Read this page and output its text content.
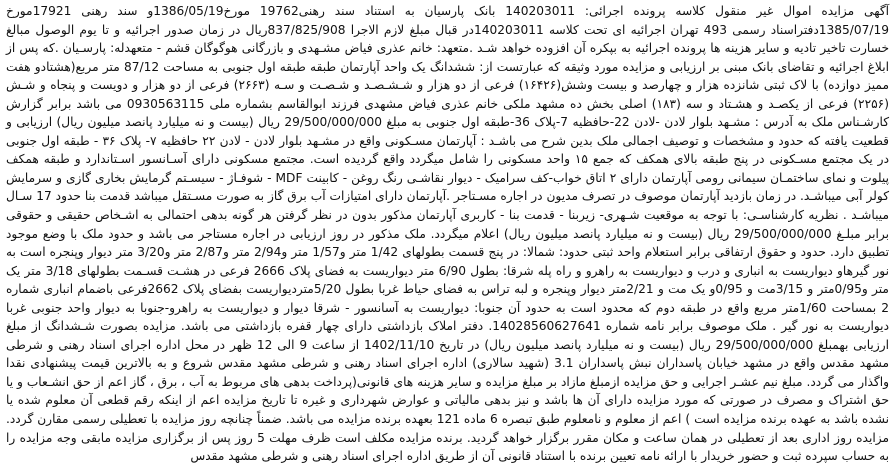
آگهی مزایده اموال غیر منقول کلاسه پرونده اجرائی: 140203011 بانک پارسیان به استناد سند رهنی19762 مورخ1386/05/19و سند رهنی 17921مورخ 1385/07/19دفتراسناد رسمی 493 تهران اجرائیه ای تحت کلاسه 140203011در قبال مبلغ لازم الاجرا 837/825/908ریال در زمان صدور اجرائیه و تا یوم الوصول مبالغ خسارت تاخیر تادیه و سایر هزینه ها پرونده اجرائیه به بپکره آن افزوده خواهد شـد .متعهد: خانم عذری فیاض مشـهدی و بازرگانی هوگوگان قشم - متعهدله: پارسـیان .که پس از ابلاغ اجرائیه و تقاضای بانک مبنی بر ارزیابی و مزایده مورد وثیقه که عبارتست از: ششدانگ یک واحد آپارتمان طبقه طبقه اول جنوبی به مساحت 87/12 متر مربع(هشتادو هفت ممیز دوازده) با لاک ثبتی شانزده هزار و چهارصد و بیست وشش(۱۶۴۲۶) فرعی از دو هزار و شـشـصـد و شـصـت و سـه (۲۶۶۳) فرعی از دو هزار و دویست و پنجاه و شـش (۲۲۵۶) فرعی از یکصـد و هشـتاد و سه (۱۸۳) اصلی بخش ده مشهد ملکی خانم عذری فیاض مشهدی فرزند ابوالقاسم بشماره ملی 0930563115 می باشد برابر گزارش کارشـناس ملک به آدرس : مشـهد بلوار لادن -لادن 22-حافظیه 7-پلاک 36-طبقه اول جنوبی به مبلغ 29/500/000/000 ریال (بیست و نه میلیارد پانصد میلیون ریال) ارزیابی و قطعیت یافته که حدود و مشخصات و توصیف اجمالی ملک بدین شرح می باشـد : آپارتمان مسـکونی واقع در مشـهد بلوار لادن - لادن ۲۲ حافظیه ۷- پلاک ۳۶ - طبقه اول جنوبی در یک مجتمع مسـکونی در پنج طبقه بالای همکف که جمع ۱۵ واحد مسکونی را شامل میگردد واقع گردیده است. مجتمع مسکونی دارای آسـانسور اسـتاندارد و طبقه همکف پیلوت و نمای ساختمـان سیمانی رومی آپارتمان دارای ۲ اتاق خواب-کف سرامیک - دیوار نقاشـی رنگ روغن - کابینت MDF - شوفـاژ - سیسـتم گرمایش بخاری گازی و سرمایش کولر آبی میباشـد. در زمان بازدید آپارتمان موصوف در تصرف مدیون در اجاره مسـتاجر .آپارتمان دارای امتیازات آب برق گاز به صورت مسـتقل میباشد قدمت بنا حدود 17 سـال میباشـد . نظریه کارشناسـی: با توجه به موقعیت شـهری- زیربنا - قدمت بنا - کاربری آپارتمان مذکور بدون در نظر گرفتن هر گونه بدهی احتمالی به اشـخاص حقیقی و حقوقی برابر مبلـغ 29/500/000/000 ریال (بیست و نه میلیارد پانصد میلیون ریال) اعلام میگردد. ملک مذکور در روز ارزیابی در اجاره مستاجر می باشد و حدود ملک با وضع موجود تطبیق دارد. حدود و حقوق ارتفاقی برابر استعلام واحد ثبتی حدود: شمالا: در پنج قسمت بطولهای 1/42 متر و1/57 متر و2/94 متر و2/87 متر و3/20 متر دیوار وپنجره است به نور گیرهاو دیواریست به انباری و درب و دیواریست به راهرو و راه پله شرقا: بطول 6/90 متر دیواریست به فضای پلاک 2666 فرعی در هشـت قسـمت بطولهای 3/18 متر یک متر و0/95متر و 3/15مت و 0/95و یک مت و 2/21متر دیوار وپنجره و لبه تراس به فضای حیاط غربا بطول 5/20متردیواریست بفضای پلاک 2662فرعی باضمام انباری شماره 2 بمساحت 1/60متر مربع واقع در طبقه دوم که محدود است به حدود آن جنوبا: دیواریست به آسانسور - شرقا دیوار و دیواریست به راهرو-جنوبا به دیوار واحد جنوبی غربا دیواریست به نور گیر . ملک موصوف برابر نامه شماره 14028560627641. دفتر املاک بازداشتی دارای چهار قفره بازداشتی می باشد. مزایده بصورت شـشدانگ از مبلغ ارزیابی بهمبلغ 29/500/000/000 ریال (بیست و نه میلیارد پانصد میلیون ریال) در تاریخ 1402/11/10 از ساعت 9 الی 12 ظهر در محل اداره اجرای اسناد رهنی و شرطی مشهد مقدس واقع در مشهد خیابان پاسداران نبش پاسداران 3.1 (شهید سالاری) اداره اجرای اسناد رهنی و شرطی مشهد مقدس شروع و به بالاترین قیمت پیشنهادی نقدا واگذار می گردد. مبلغ نیم عشـر اجرایی و حق مزایده ازمبلغ مازاد بر مبلغ مزایده و سایر هزینه های قانونی(پرداخت بدهی های مربوط به آب ، برق ، گاز اعم از حق انشـعاب و یا حق اشتراک و مصرف در صورتی که مورد مزایده دارای آن ها باشد و نیز بدهی مالیاتی و عوارض شهرداری و غیره تا تاریخ مزایده اعم از اینکه رقم قطعی آن معلوم شده یا نشده باشد به عهده برنده مزایده است ) اعم از معلوم و نامعلوم طبق تبصره 6 ماده 121 بعهده برنده مزایده می باشد. ضمناً چنانچه روز مزایده با تعطیلی رسمی مقارن گردد. مزایده روز اداری بعد از تعطیلی در همان ساعت و مکان مقرر برگزار خواهد گردید. برنده مزایده مکلف است ظرف مهلت 5 روز پس از برگزاری مزایده مابقی وجه مزایده را به حساب سپرده ثبت و حضور خریدار با ارائه نامه تعیین برنده با استناد قانونی آن از طریق اداره اجرای اسناد رهنی و شرطی مشهد مقدس
